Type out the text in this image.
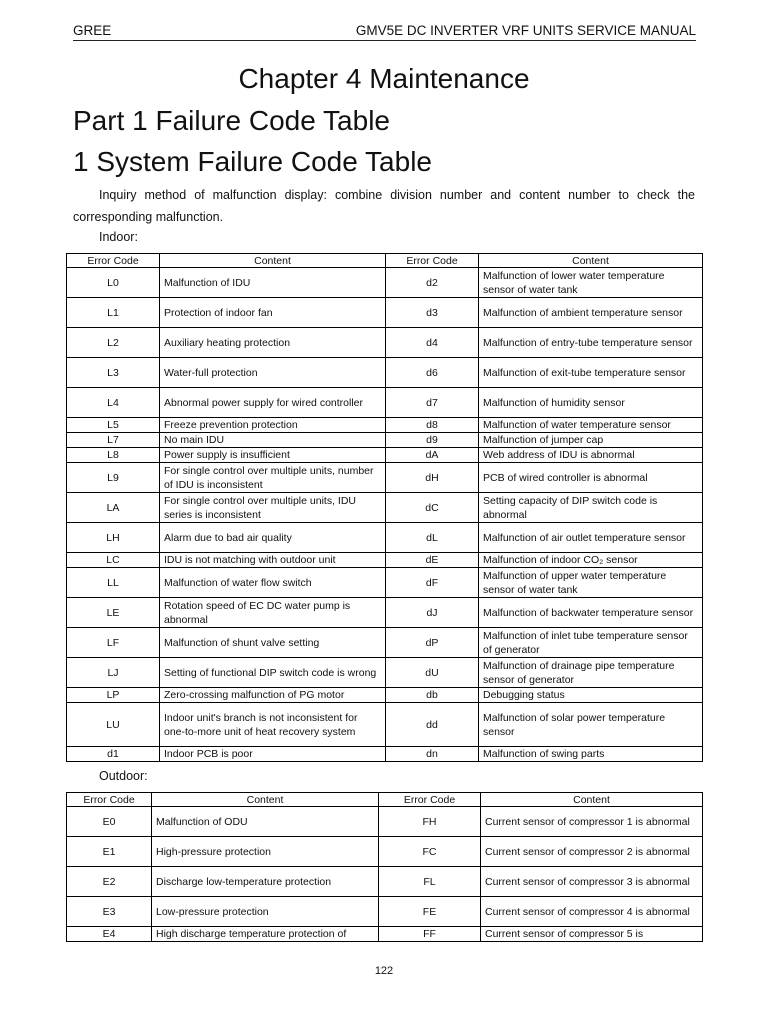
GREE	GMV5E DC INVERTER VRF UNITS SERVICE MANUAL
Chapter 4 Maintenance
Part 1 Failure Code Table
1 System Failure Code Table
Inquiry method of malfunction display: combine division number and content number to check the corresponding malfunction.
Indoor:
Error Code	Content	Error Code	Content
L0	Malfunction of IDU	d2	Malfunction of lower water temperature sensor of water tank
L1	Protection of indoor fan	d3	Malfunction of ambient temperature sensor
L2	Auxiliary heating protection	d4	Malfunction of entry-tube temperature sensor
L3	Water-full protection	d6	Malfunction of exit-tube temperature sensor
L4	Abnormal power supply for wired controller	d7	Malfunction of humidity sensor
L5	Freeze prevention protection	d8	Malfunction of water temperature sensor
L7	No main IDU	d9	Malfunction of jumper cap
L8	Power supply is insufficient	dA	Web address of IDU is abnormal
L9	For single control over multiple units, number of IDU is inconsistent	dH	PCB of wired controller is abnormal
LA	For single control over multiple units, IDU series is inconsistent	dC	Setting capacity of DIP switch code is abnormal
LH	Alarm due to bad air quality	dL	Malfunction of air outlet temperature sensor
LC	IDU is not matching with outdoor unit	dE	Malfunction of indoor CO₂ sensor
LL	Malfunction of water flow switch	dF	Malfunction of upper water temperature sensor of water tank
LE	Rotation speed of EC DC water pump is abnormal	dJ	Malfunction of backwater temperature sensor
LF	Malfunction of shunt valve setting	dP	Malfunction of inlet tube temperature sensor of generator
LJ	Setting of functional DIP switch code is wrong	dU	Malfunction of drainage pipe temperature sensor of generator
LP	Zero-crossing malfunction of PG motor	db	Debugging status
LU	Indoor unit's branch is not inconsistent for one-to-more unit of heat recovery system	dd	Malfunction of solar power temperature sensor
d1	Indoor PCB is poor	dn	Malfunction of swing parts
Outdoor:
Error Code	Content	Error Code	Content
E0	Malfunction of ODU	FH	Current sensor of compressor 1 is abnormal
E1	High-pressure protection	FC	Current sensor of compressor 2 is abnormal
E2	Discharge low-temperature protection	FL	Current sensor of compressor 3 is abnormal
E3	Low-pressure protection	FE	Current sensor of compressor 4 is abnormal
E4	High discharge temperature protection of	FF	Current sensor of compressor 5 is
122
